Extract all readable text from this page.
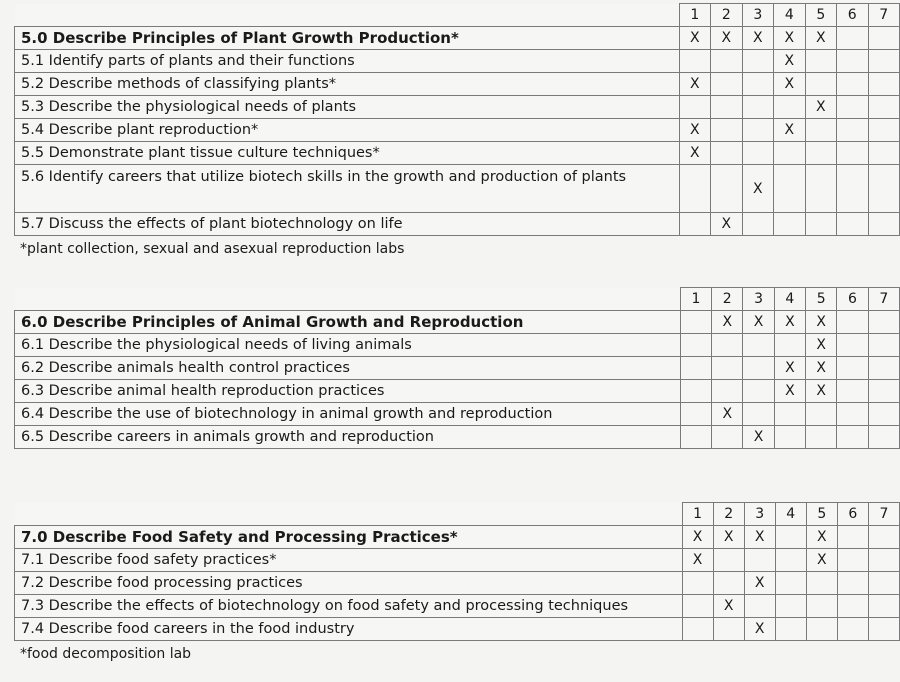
	1	2	3	4	5	6	7
5.0 Describe Principles of Plant Growth Production*	X	X	X	X	X		
5.1 Identify parts of plants and their functions				X			
5.2 Describe methods of classifying plants*	X			X			
5.3 Describe the physiological needs of plants					X		
5.4 Describe plant reproduction*	X			X			
5.5 Demonstrate plant tissue culture techniques*	X						
5.6 Identify careers that utilize biotech skills in the growth and production of plants			X				
5.7 Discuss the effects of plant biotechnology on life		X					
*plant collection, sexual and asexual reproduction labs
	1	2	3	4	5	6	7
6.0 Describe Principles of Animal Growth and Reproduction		X	X	X	X		
6.1 Describe the physiological needs of living animals					X		
6.2 Describe animals health control practices				X	X		
6.3 Describe animal health reproduction practices				X	X		
6.4 Describe the use of biotechnology in animal growth and reproduction		X					
6.5 Describe careers in animals growth and reproduction			X				
	1	2	3	4	5	6	7
7.0 Describe Food Safety and Processing Practices*	X	X	X		X		
7.1 Describe food safety practices*	X				X		
7.2 Describe food processing practices			X				
7.3 Describe the effects of biotechnology on food safety and processing techniques		X					
7.4 Describe food careers in the food industry			X				
*food decomposition lab
